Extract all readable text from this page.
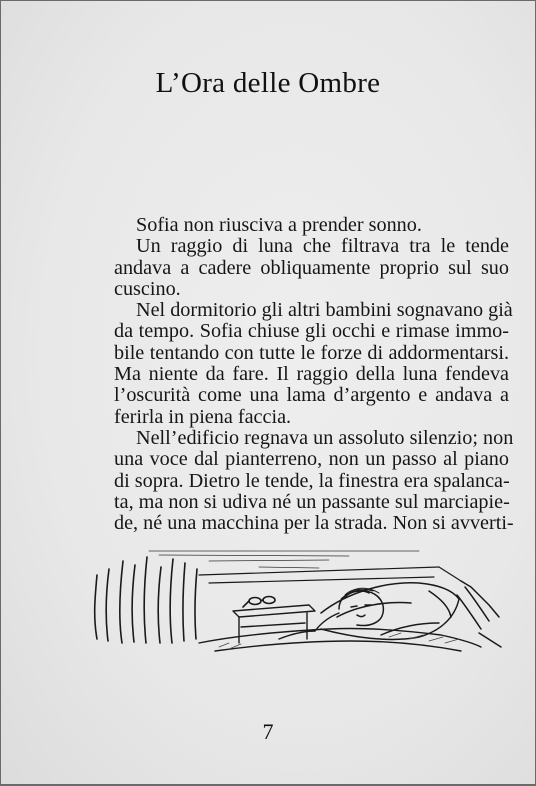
L’Ora delle Ombre
Sofia non riusciva a prender sonno.
Un raggio di luna che filtrava tra le tende
andava a cadere obliquamente proprio sul suo
cuscino.
Nel dormitorio gli altri bambini sognavano già
da tempo. Sofia chiuse gli occhi e rimase immo-
bile tentando con tutte le forze di addormentarsi.
Ma niente da fare. Il raggio della luna fendeva
l’oscurità come una lama d’argento e andava a
ferirla in piena faccia.
Nell’edificio regnava un assoluto silenzio; non
una voce dal pianterreno, non un passo al piano
di sopra. Dietro le tende, la finestra era spalanca-
ta, ma non si udiva né un passante sul marciapie-
de, né una macchina per la strada. Non si avverti-
7
